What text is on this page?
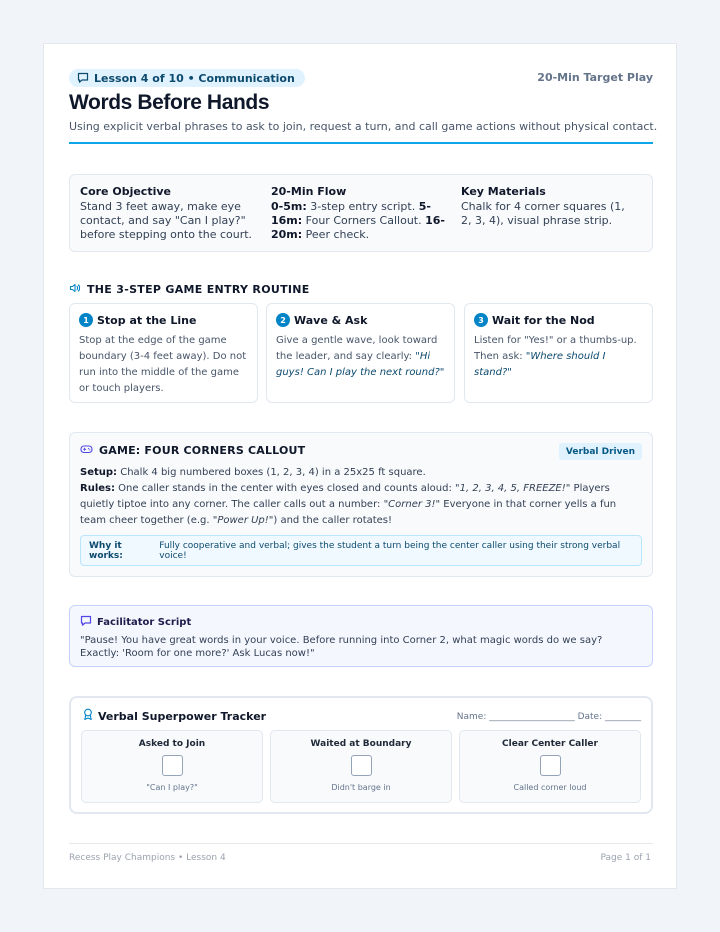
Lesson 4 of 10 • Communication	20-Min Target Play
Words Before Hands
Using explicit verbal phrases to ask to join, request a turn, and call game actions without physical contact.
Core Objective

Stand 3 feet away, make eye contact, and say "Can I play?" before stepping onto the court.

20-Min Flow

0-5m: 3-step entry script. 5-16m: Four Corners Callout. 16-20m: Peer check.

Key Materials

Chalk for 4 corner squares (1, 2, 3, 4), visual phrase strip.

THE 3-STEP GAME ENTRY ROUTINE
1 Stop at the Line

Stop at the edge of the game boundary (3-4 feet away). Do not run into the middle of the game or touch players.

2 Wave & Ask

Give a gentle wave, look toward the leader, and say clearly: "Hi guys! Can I play the next round?"

3 Wait for the Nod

Listen for "Yes!" or a thumbs-up. Then ask: "Where should I stand?"

GAME: FOUR CORNERS CALLOUT	Verbal Driven

Setup: Chalk 4 big numbered boxes (1, 2, 3, 4) in a 25x25 ft square.

Rules: One caller stands in the center with eyes closed and counts aloud: "1, 2, 3, 4, 5, FREEZE!" Players quietly tiptoe into any corner. The caller calls out a number: "Corner 3!" Everyone in that corner yells a fun team cheer together (e.g. "Power Up!") and the caller rotates!

Why it works:
Fully cooperative and verbal; gives the student a turn being the center caller using their strong verbal voice!
Facilitator Script

"Pause! You have great words in your voice. Before running into Corner 2, what magic words do we say? Exactly: 'Room for one more?' Ask Lucas now!"

Verbal Superpower Tracker	Name: ___________________ Date: ________
Asked to Join
"Can I play?"
Waited at Boundary
Didn't barge in
Clear Center Caller
Called corner loud
Recess Play Champions • Lesson 4	Page 1 of 1
